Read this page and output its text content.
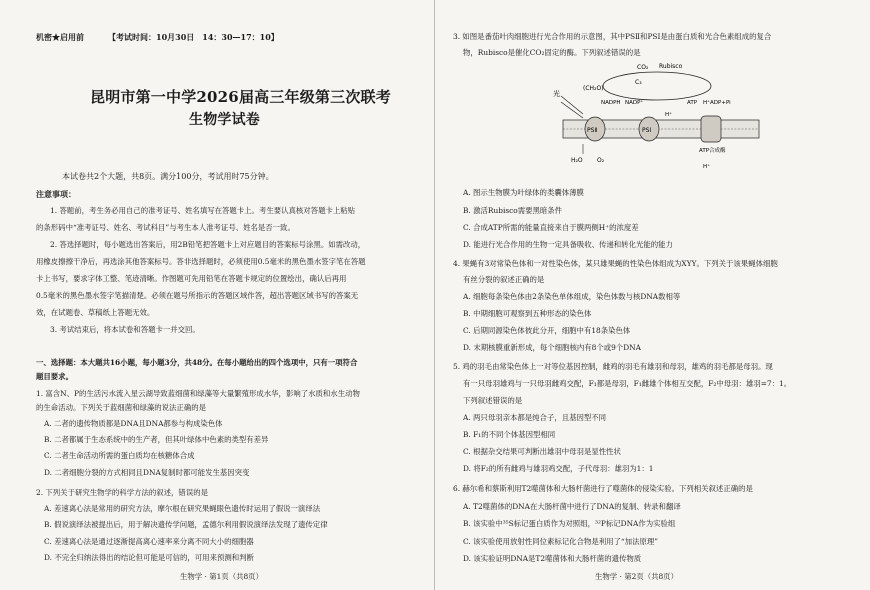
机密★启用前	【考试时间：10月30日　14：30—17：10】
昆明市第一中学2026届高三年级第三次联考
生物学试卷
本试卷共2个大题，共8页。满分100分，考试用时75分钟。
注意事项：
1. 答题前，考生务必用自己的准考证号、姓名填写在答题卡上。考生要认真核对答题卡上粘贴
的条形码中“准考证号、姓名、考试科目”与考生本人准考证号、姓名是否一致。
2. 答选择题时，每小题选出答案后，用2B铅笔把答题卡上对应题目的答案标号涂黑。如需改动，
用橡皮擦擦干净后，再选涂其他答案标号。答非选择题时，必须使用0.5毫米的黑色墨水签字笔在答题
卡上书写，要求字体工整、笔迹清晰。作图题可先用铅笔在答题卡规定的位置绘出，确认后再用
0.5毫米的黑色墨水签字笔描清楚。必须在题号所指示的答题区域作答，超出答题区域书写的答案无
效，在试题卷、草稿纸上答题无效。
3. 考试结束后，将本试卷和答题卡一并交回。
一、选择题：本大题共16小题，每小题3分，共48分。在每小题给出的四个选项中，只有一项符合
题目要求。
1. 富含N、P的生活污水流入星云湖导致蓝细菌和绿藻等大量繁殖形成水华，影响了水质和水生动物
的生命活动。下列关于蓝细菌和绿藻的说法正确的是
A. 二者的遗传物质都是DNA且DNA都参与构成染色体
B. 二者都属于生态系统中的生产者，但其叶绿体中色素的类型有差异
C. 二者生命活动所需的蛋白质均在核糖体合成
D. 二者细胞分裂的方式相同且DNA复制时都可能发生基因突变
2. 下列关于研究生物学的科学方法的叙述，错误的是
A. 差速离心法是常用的研究方法，摩尔根在研究果蝇眼色遗传时运用了假说一演绎法
B. 假说演绎法被提出后，用于解决遗传学问题，孟德尔利用假说演绎法发现了遗传定律
C. 差速离心法是通过逐渐提高离心速率来分离不同大小的细胞器
D. 不完全归纳法得出的结论但可能是可信的，可用来预测和判断
生物学 · 第1页（共8页）
3. 如图是番茄叶肉细胞进行光合作用的示意图，其中PSⅡ和PSⅠ是由蛋白质和光合色素组成的复合
物，Rubisco是催化CO₂固定的酶。下列叙述错误的是
CO₂ Rubisco
(CH₂O)
C₃
光
NADPH NADP⁺	ATP H⁺ADP+Pi
PSⅡ	PSⅠ
ATP合成酶
H⁺
H⁺
H₂O O₂
A. 图示生物膜为叶绿体的类囊体薄膜
B. 激活Rubisco需要黑暗条件
C. 合成ATP所需的能量直接来自于膜两侧H⁺的浓度差
D. 能进行光合作用的生物一定具备吸收、传递和转化光能的能力
4. 果蝇有3对常染色体和一对性染色体，某只雄果蝇的性染色体组成为XYY。下列关于该果蝇体细胞
有丝分裂的叙述正确的是
A. 细胞每条染色体由2条染色单体组成，染色体数与核DNA数相等
B. 中期细胞可观察到五种形态的染色体
C. 后期同源染色体彼此分开，细胞中有18条染色体
D. 末期核膜重新形成，每个细胞核内有8个或9个DNA
5. 鸡的羽毛由常染色体上一对等位基因控制，雌鸡的羽毛有雄羽和母羽，雄鸡的羽毛都是母羽。现
有一只母羽雄鸡与一只母羽雌鸡交配，F₁都是母羽，F₁雌雄个体相互交配，F₂中母羽：雄羽=7：1。
下列叙述错误的是
A. 两只母羽亲本都是纯合子，且基因型不同
B. F₁的不同个体基因型相同
C. 根据杂交结果可判断出雄羽中母羽是显性性状
D. 将F₂的所有雌鸡与雄羽鸡交配，子代母羽：雄羽为1：1
6. 赫尔希和蔡斯利用T2噬菌体和大肠杆菌进行了噬菌体的侵染实验。下列相关叙述正确的是
A. T2噬菌体的DNA在大肠杆菌中进行了DNA的复制、转录和翻译
B. 该实验中³⁵S标记蛋白质作为对照组，³²P标记DNA作为实验组
C. 该实验使用放射性同位素标记化合物是利用了“加法原理”
D. 该实验证明DNA是T2噬菌体和大肠杆菌的遗传物质
生物学 · 第2页（共8页）
